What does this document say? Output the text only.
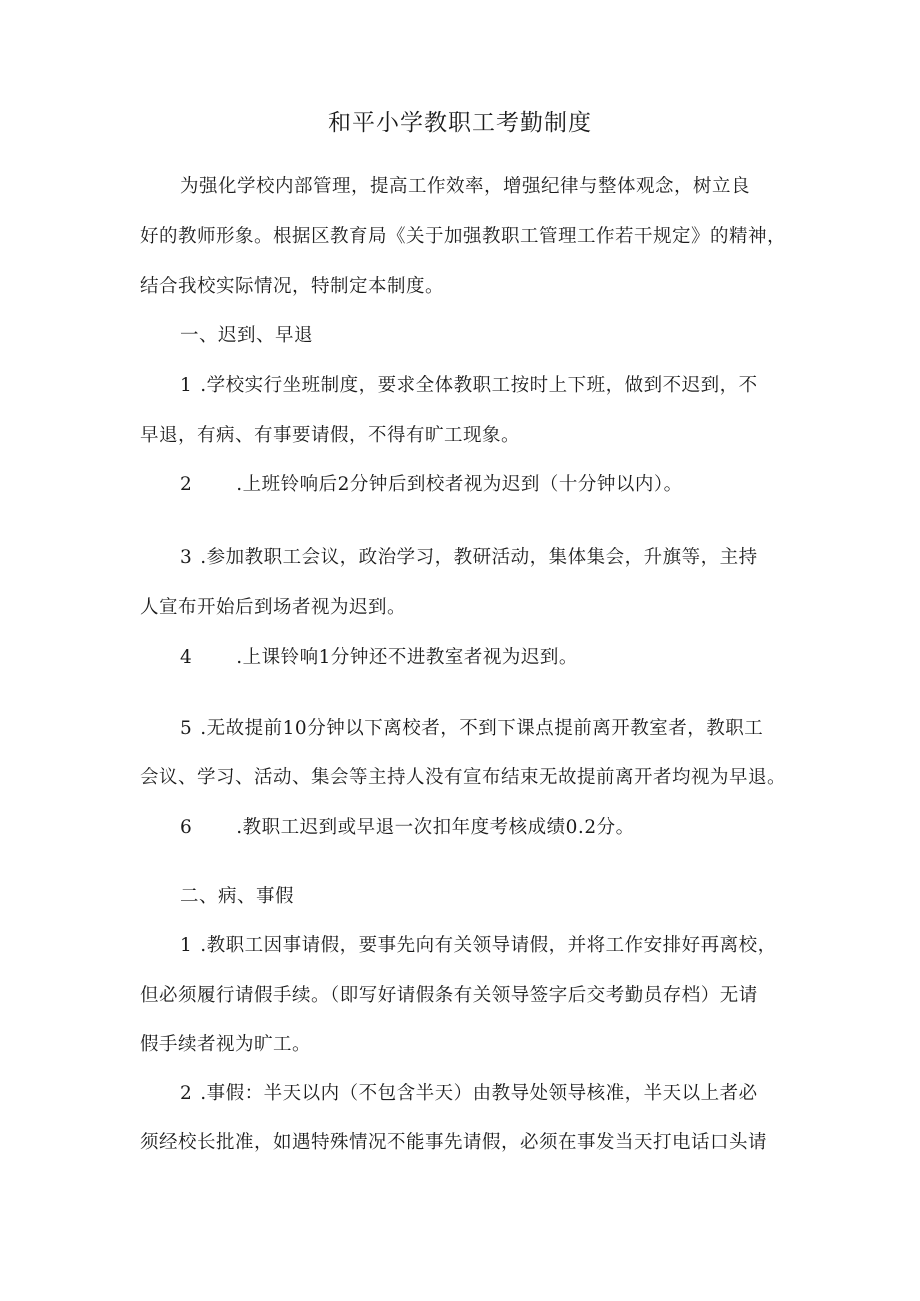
和平小学教职工考勤制度
为强化学校内部管理，提高工作效率，增强纪律与整体观念，树立良
好的教师形象。根据区教育局《关于加强教职工管理工作若干规定》的精神，
结合我校实际情况，特制定本制度。
一、迟到、早退
1 .学校实行坐班制度，要求全体教职工按时上下班，做到不迟到，不
早退，有病、有事要请假，不得有旷工现象。
2 .上班铃响后2分钟后到校者视为迟到（十分钟以内）。
3 .参加教职工会议，政治学习，教研活动，集体集会，升旗等，主持
人宣布开始后到场者视为迟到。
4 .上课铃响1分钟还不进教室者视为迟到。
5 .无故提前10分钟以下离校者，不到下课点提前离开教室者，教职工
会议、学习、活动、集会等主持人没有宣布结束无故提前离开者均视为早退。
6 .教职工迟到或早退一次扣年度考核成绩0.2分。
二、病、事假
1 .教职工因事请假，要事先向有关领导请假，并将工作安排好再离校，
但必须履行请假手续。（即写好请假条有关领导签字后交考勤员存档）无请
假手续者视为旷工。
2 .事假：半天以内（不包含半天）由教导处领导核准，半天以上者必
须经校长批准，如遇特殊情况不能事先请假，必须在事发当天打电话口头请
